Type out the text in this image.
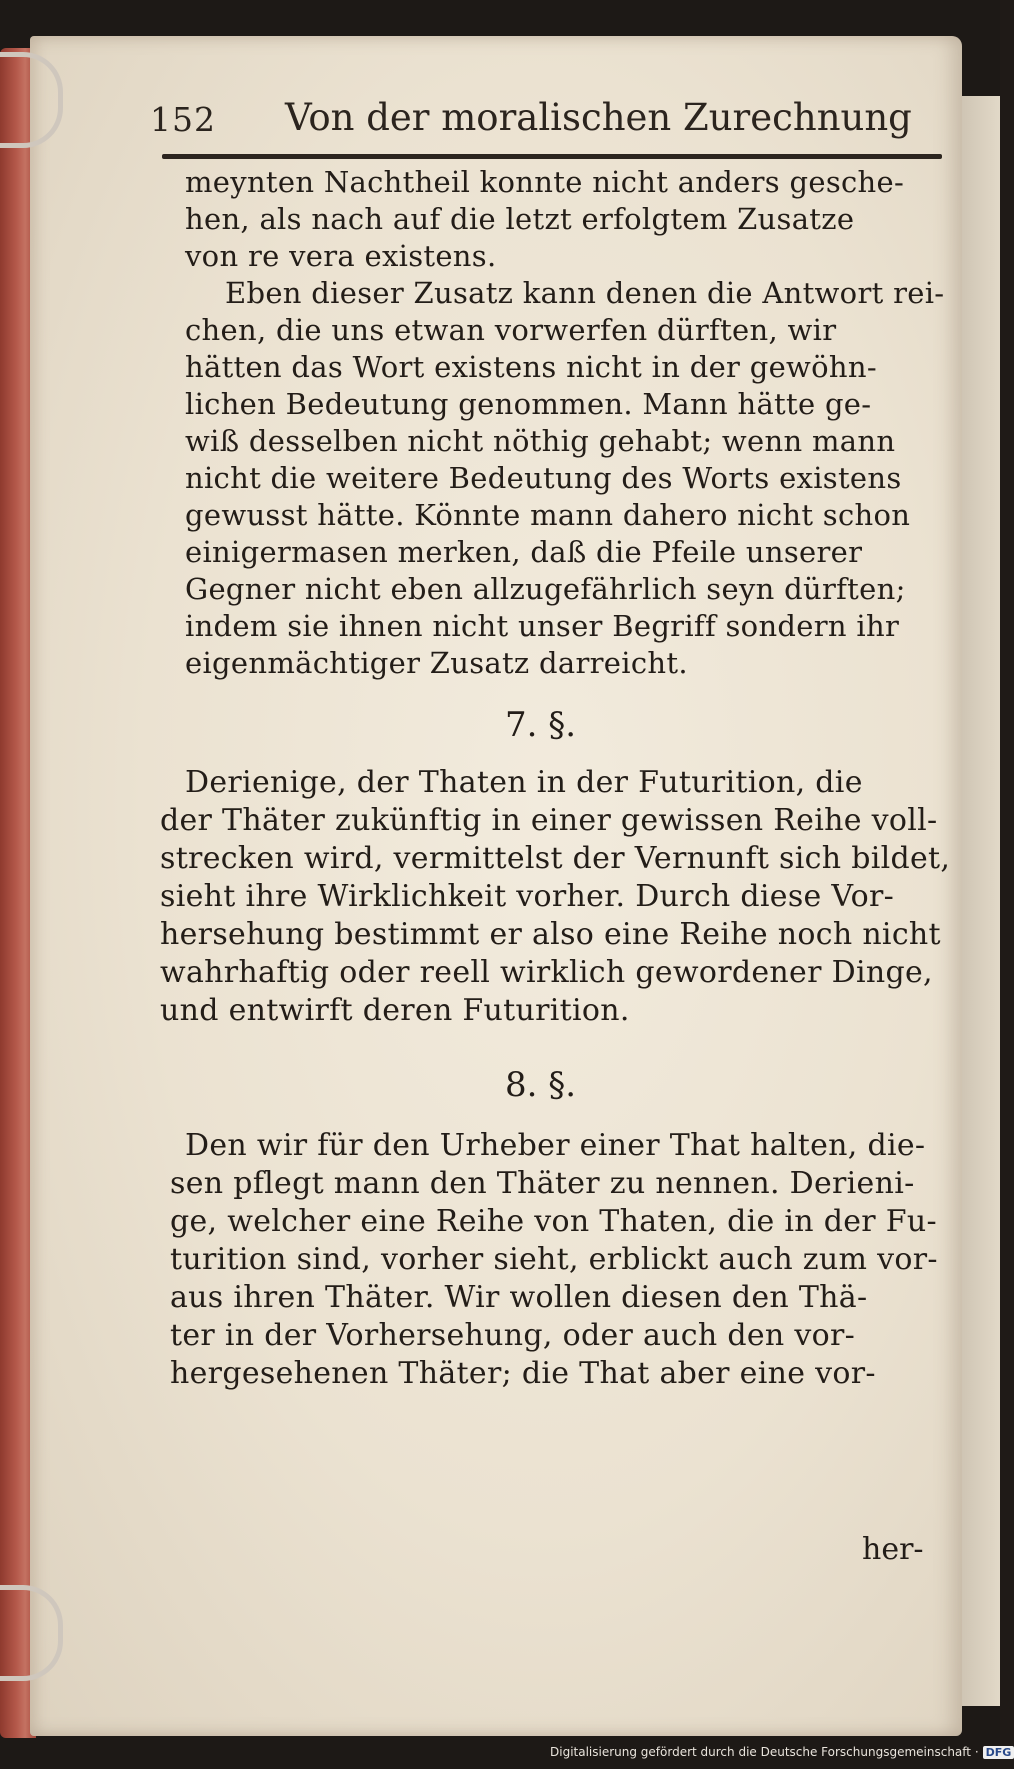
152 Von der moralischen Zurechnung
meynten Nachtheil konnte nicht anders gesche-
hen, als nach auf die letzt erfolgtem Zusatze
von re vera existens.
Eben dieser Zusatz kann denen die Antwort rei-
chen, die uns etwan vorwerfen dürften, wir
hätten das Wort existens nicht in der gewöhn-
lichen Bedeutung genommen. Mann hätte ge-
wiß desselben nicht nöthig gehabt; wenn mann
nicht die weitere Bedeutung des Worts existens
gewusst hätte. Könnte mann dahero nicht schon
einigermasen merken, daß die Pfeile unserer
Gegner nicht eben allzugefährlich seyn dürften;
indem sie ihnen nicht unser Begriff sondern ihr
eigenmächtiger Zusatz darreicht.
7. §.
Derienige, der Thaten in der Futurition, die
der Thäter zukünftig in einer gewissen Reihe voll-
strecken wird, vermittelst der Vernunft sich bildet,
sieht ihre Wirklichkeit vorher. Durch diese Vor-
hersehung bestimmt er also eine Reihe noch nicht
wahrhaftig oder reell wirklich gewordener Dinge,
und entwirft deren Futurition.
8. §.
Den wir für den Urheber einer That halten, die-
sen pflegt mann den Thäter zu nennen. Derieni-
ge, welcher eine Reihe von Thaten, die in der Fu-
turition sind, vorher sieht, erblickt auch zum vor-
aus ihren Thäter. Wir wollen diesen den Thä-
ter in der Vorhersehung, oder auch den vor-
hergesehenen Thäter; die That aber eine vor-
her-
Digitalisierung gefördert durch die Deutsche Forschungsgemeinschaft · DFG
